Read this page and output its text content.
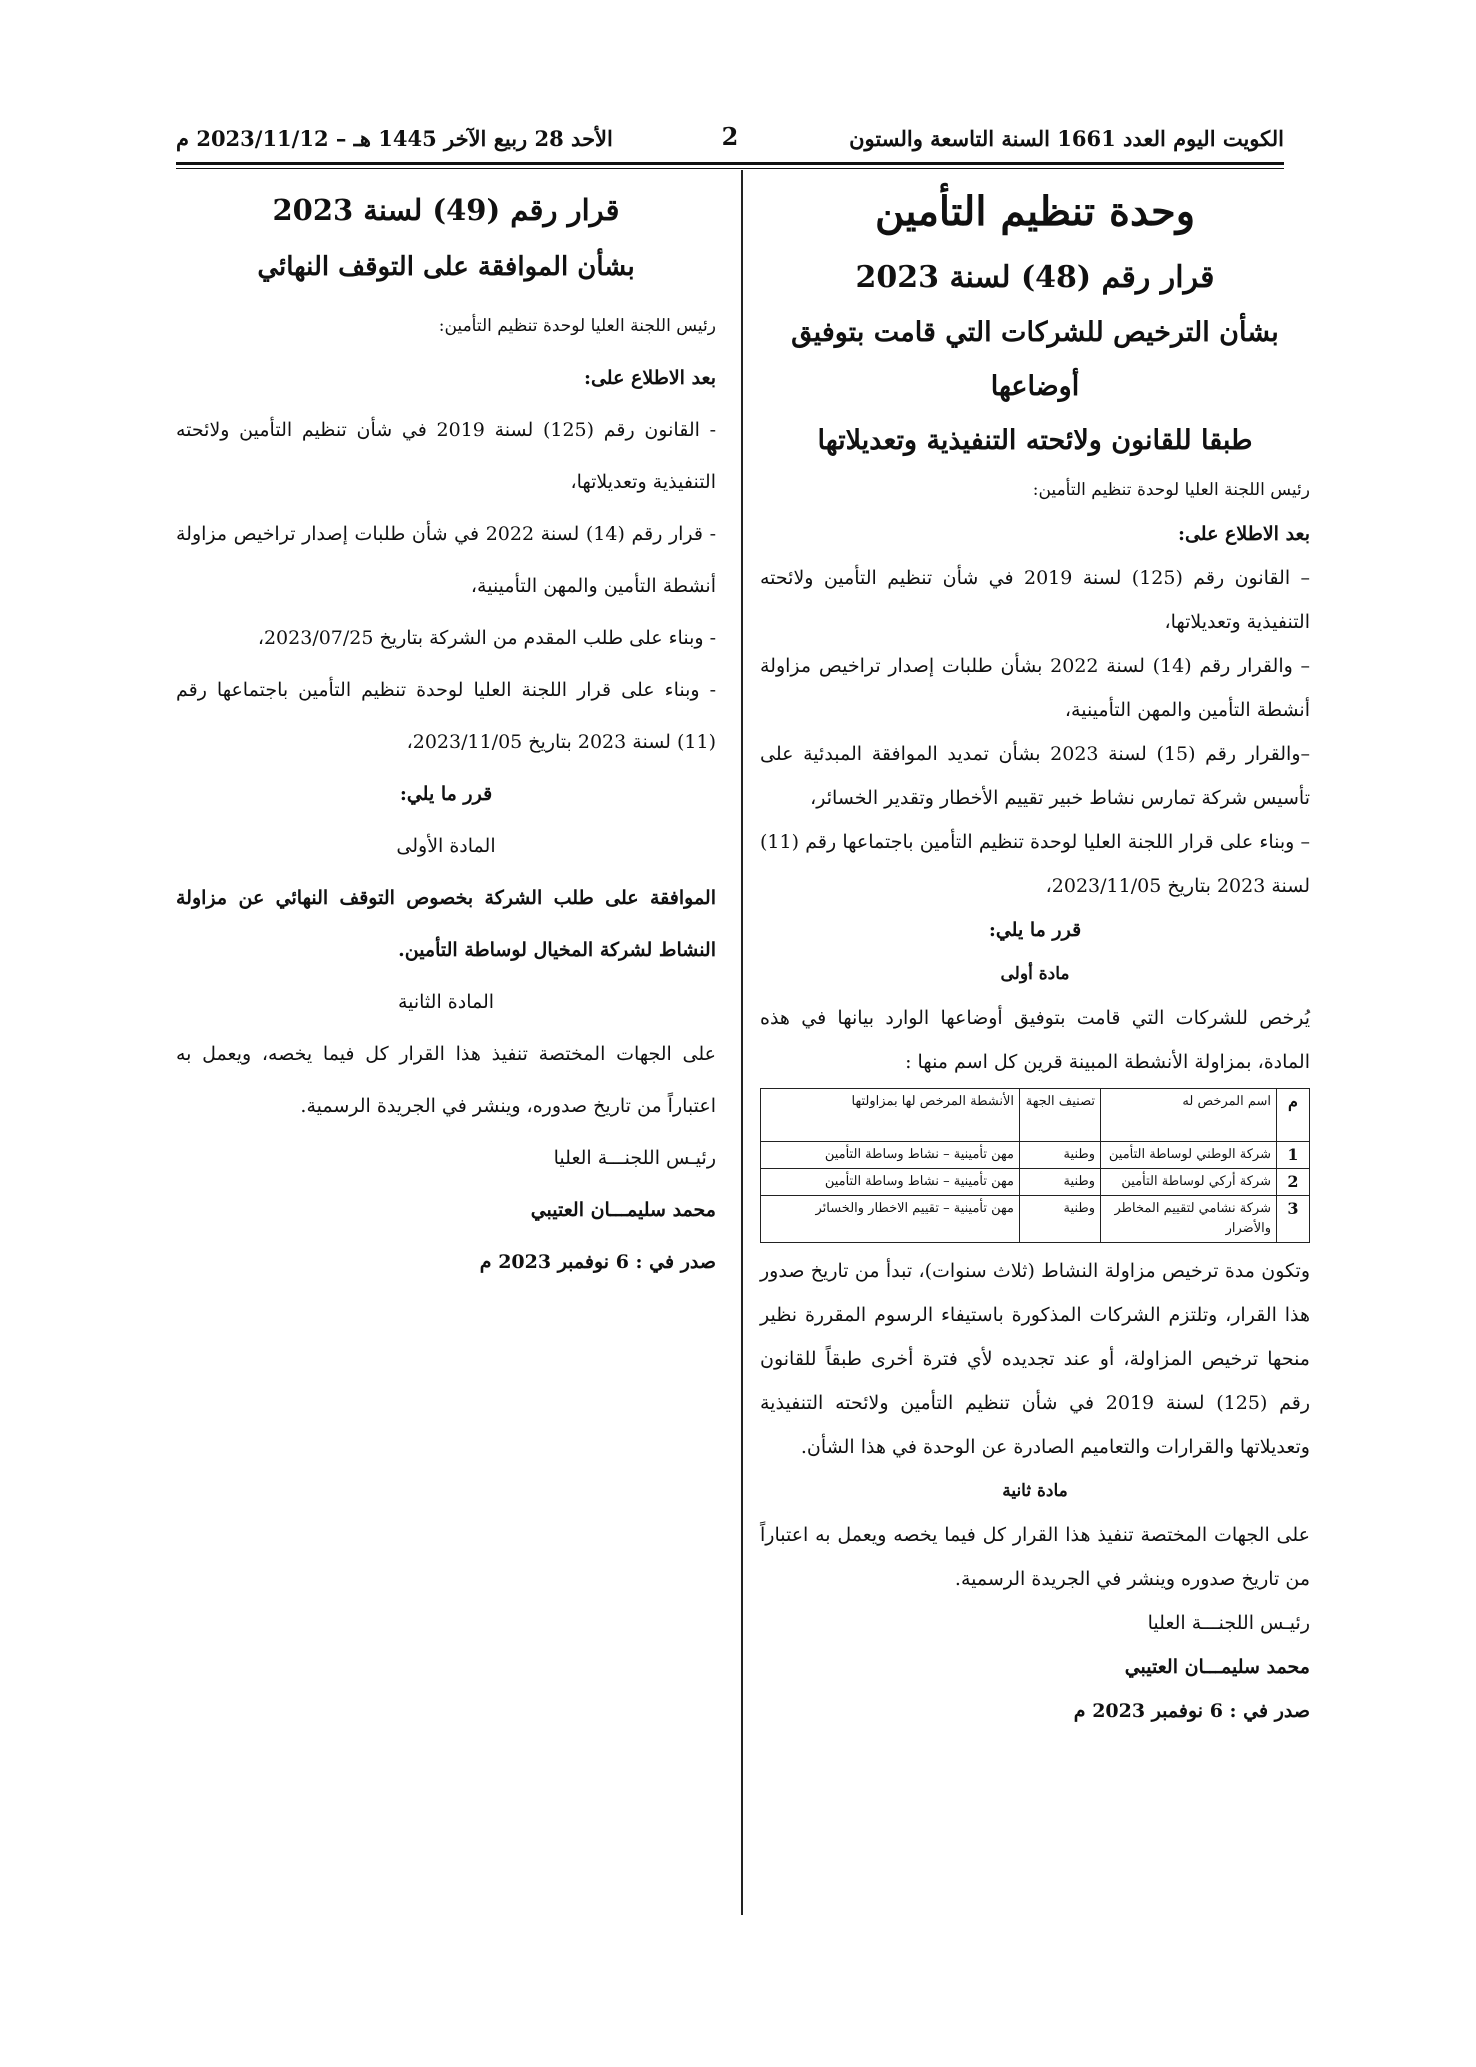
الكويت اليوم العدد 1661 السنة التاسعة والستون
2
الأحد 28 ربيع الآخر 1445 هـ – 2023/11/12 م

وحدة تنظيم التأمين

قرار رقم (48) لسنة 2023

بشأن الترخيص للشركات التي قامت بتوفيق أوضاعها

طبقا للقانون ولائحته التنفيذية وتعديلاتها

رئيس اللجنة العليا لوحدة تنظيم التأمين:

بعد الاطلاع على:

– القانون رقم (125) لسنة 2019 في شأن تنظيم التأمين ولائحته التنفيذية وتعديلاتها،

– والقرار رقم (14) لسنة 2022 بشأن طلبات إصدار تراخيص مزاولة أنشطة التأمين والمهن التأمينية،

–والقرار رقم (15) لسنة 2023 بشأن تمديد الموافقة المبدئية على تأسيس شركة تمارس نشاط خبير تقييم الأخطار وتقدير الخسائر،

– وبناء على قرار اللجنة العليا لوحدة تنظيم التأمين باجتماعها رقم (11) لسنة 2023 بتاريخ 2023/11/05،

قرر ما يلي:

مادة أولى

يُرخص للشركات التي قامت بتوفيق أوضاعها الوارد بيانها في هذه المادة، بمزاولة الأنشطة المبينة قرين كل اسم منها :

م	اسم المرخص له	تصنيف الجهة	الأنشطة المرخص لها بمزاولتها
1	شركة الوطني لوساطة التأمين	وطنية	مهن تأمينية – نشاط وساطة التأمين
2	شركة أركي لوساطة التأمين	وطنية	مهن تأمينية – نشاط وساطة التأمين
3	شركة نشامي لتقييم المخاطر والأضرار	وطنية	مهن تأمينية – تقييم الاخطار والخسائر

وتكون مدة ترخيص مزاولة النشاط (ثلاث سنوات)، تبدأ من تاريخ صدور هذا القرار، وتلتزم الشركات المذكورة باستيفاء الرسوم المقررة نظير منحها ترخيص المزاولة، أو عند تجديده لأي فترة أخرى طبقاً للقانون رقم (125) لسنة 2019 في شأن تنظيم التأمين ولائحته التنفيذية وتعديلاتها والقرارات والتعاميم الصادرة عن الوحدة في هذا الشأن.

مادة ثانية

على الجهات المختصة تنفيذ هذا القرار كل فيما يخصه ويعمل به اعتباراً من تاريخ صدوره وينشر في الجريدة الرسمية.

رئيـس اللجنـــة العليا

محمد سليمـــان العتيبي

صدر في : 6 نوفمبر 2023 م

قرار رقم (49) لسنة 2023

بشأن الموافقة على التوقف النهائي

رئيس اللجنة العليا لوحدة تنظيم التأمين:

بعد الاطلاع على:

- القانون رقم (125) لسنة 2019 في شأن تنظيم التأمين ولائحته التنفيذية وتعديلاتها،

- قرار رقم (14) لسنة 2022 في شأن طلبات إصدار تراخيص مزاولة أنشطة التأمين والمهن التأمينية،

- وبناء على طلب المقدم من الشركة بتاريخ 2023/07/25،

- وبناء على قرار اللجنة العليا لوحدة تنظيم التأمين باجتماعها رقم (11) لسنة 2023 بتاريخ 2023/11/05،

قرر ما يلي:

المادة الأولى

الموافقة على طلب الشركة بخصوص التوقف النهائي عن مزاولة النشاط لشركة المخيال لوساطة التأمين.

المادة الثانية

على الجهات المختصة تنفيذ هذا القرار كل فيما يخصه، ويعمل به اعتباراً من تاريخ صدوره، وينشر في الجريدة الرسمية.

رئيـس اللجنـــة العليا

محمد سليمـــان العتيبي

صدر في : 6 نوفمبر 2023 م
